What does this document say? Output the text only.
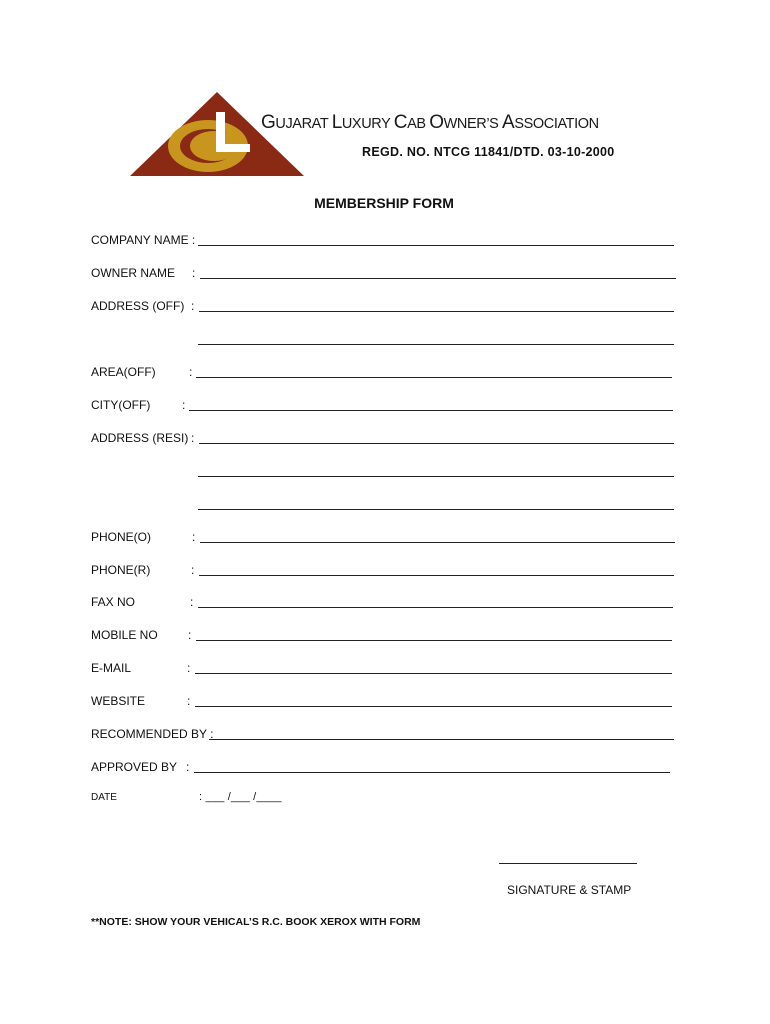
GUJARAT LUXURY CAB OWNER’S ASSOCIATION
REGD. NO. NTCG 11841/DTD. 03-10-2000
MEMBERSHIP FORM
COMPANY NAME :
OWNER NAME :
ADDRESS (OFF) :
AREA(OFF)	:
CITY(OFF)	:
ADDRESS (RESI) :
PHONE(O)	:
PHONE(R)	:
FAX NO	:
MOBILE NO	:
E-MAIL	:
WEBSITE	:
RECOMMENDED BY :
APPROVED BY :
DATE	: ___ /___ /____
SIGNATURE & STAMP
**NOTE: SHOW YOUR VEHICAL’S R.C. BOOK XEROX WITH FORM
